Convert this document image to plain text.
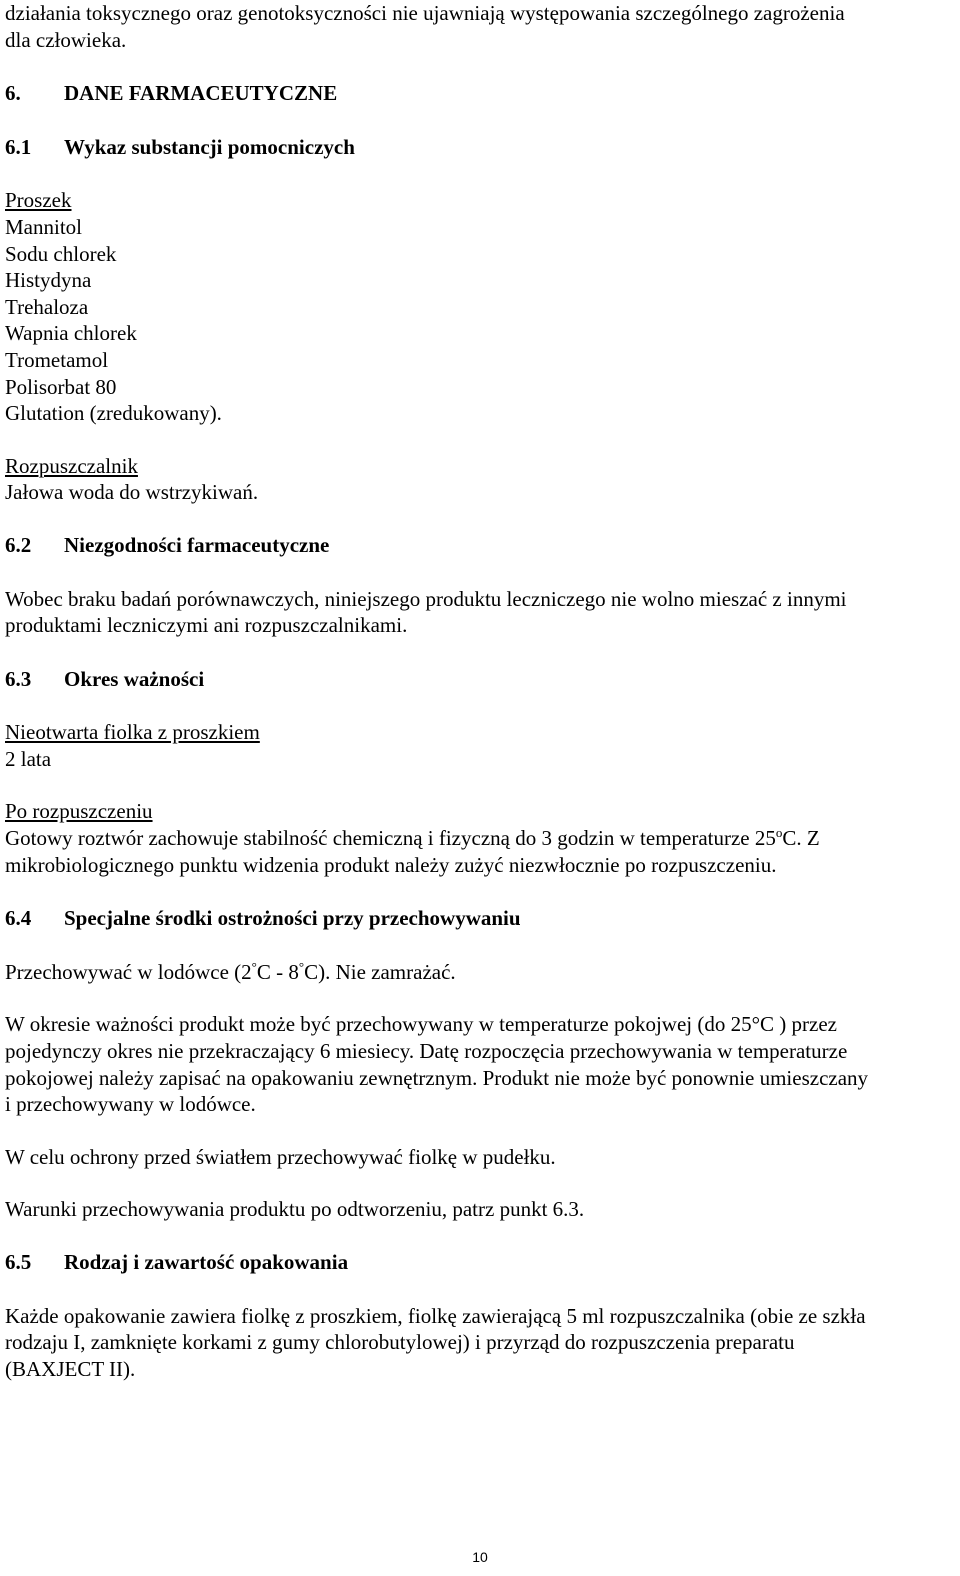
działania toksycznego oraz genotoksyczności nie ujawniają występowania szczególnego zagrożenia

dla człowieka.

6.	DANE FARMACEUTYCZNE
6.1	Wykaz substancji pomocniczych

Proszek

Mannitol

Sodu chlorek

Histydyna

Trehaloza

Wapnia chlorek

Trometamol

Polisorbat 80

Glutation (zredukowany).

Rozpuszczalnik

Jałowa woda do wstrzykiwań.

6.2	Niezgodności farmaceutyczne

Wobec braku badań porównawczych, niniejszego produktu leczniczego nie wolno mieszać z innymi

produktami leczniczymi ani rozpuszczalnikami.

6.3	Okres ważności

Nieotwarta fiolka z proszkiem

2 lata

Po rozpuszczeniu

Gotowy roztwór zachowuje stabilność chemiczną i fizyczną do 3 godzin w temperaturze 25$^o$C. Z

mikrobiologicznego punktu widzenia produkt należy zużyć niezwłocznie po rozpuszczeniu.

6.4	Specjalne środki ostrożności przy przechowywaniu

Przechowywać w lodówce (2°C - 8°C). Nie zamrażać.

W okresie ważności produkt może być przechowywany w temperaturze pokojwej (do 25°C ) przez

pojedynczy okres nie przekraczający 6 miesiecy. Datę rozpoczęcia przechowywania w temperaturze

pokojowej należy zapisać na opakowaniu zewnętrznym. Produkt nie może być ponownie umieszczany

i przechowywany w lodówce.

W celu ochrony przed światłem przechowywać fiolkę w pudełku.

Warunki przechowywania produktu po odtworzeniu, patrz punkt 6.3.

6.5	Rodzaj i zawartość opakowania

Każde opakowanie zawiera fiolkę z proszkiem, fiolkę zawierającą 5 ml rozpuszczalnika (obie ze szkła

rodzaju I, zamknięte korkami z gumy chlorobutylowej) i przyrząd do rozpuszczenia preparatu

(BAXJECT II).

10
